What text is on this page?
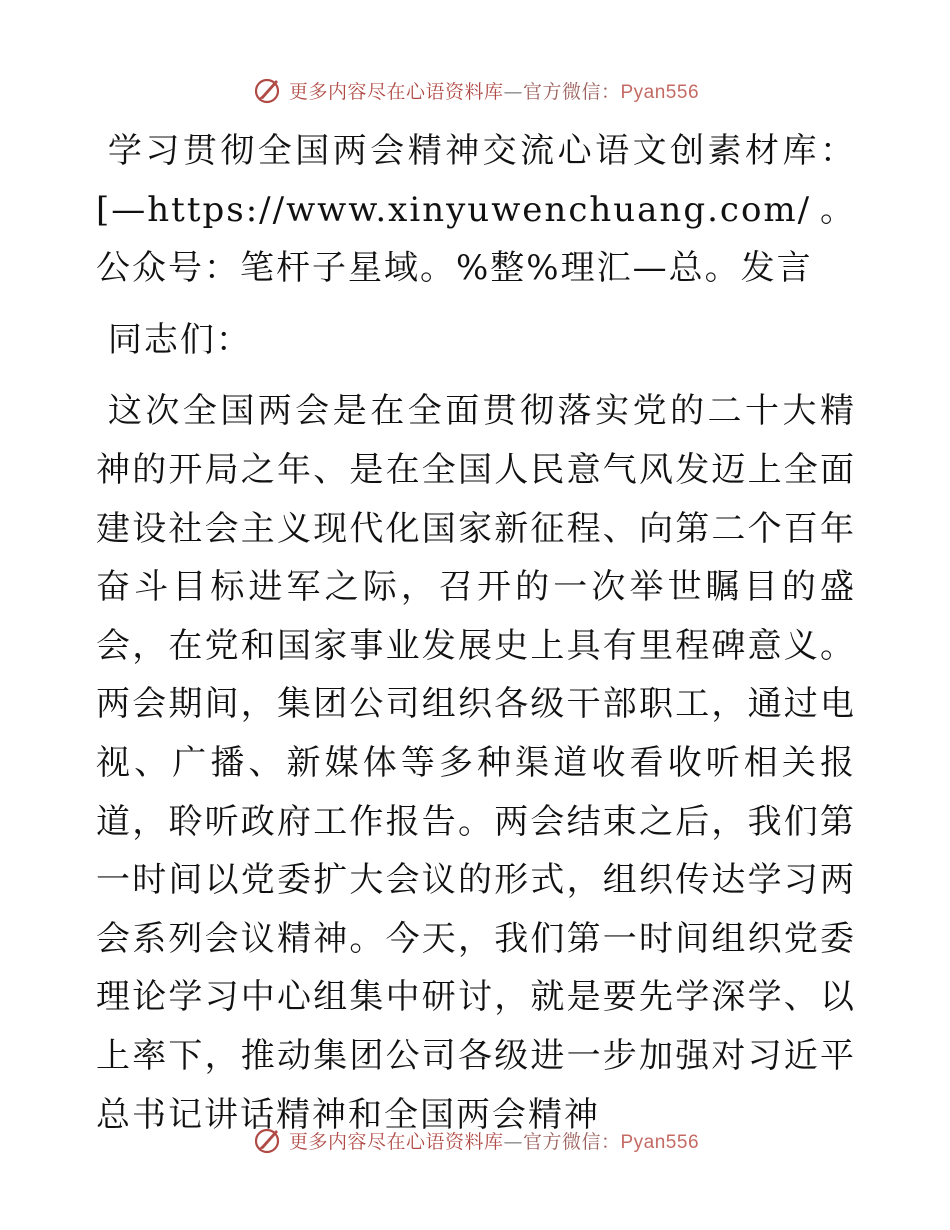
更多内容尽在心语资料库—官方微信：Pyan556

学习贯彻全国两会精神交流心语文创素材库：[—https://www.xinyuwenchuang.com/。公众号：笔杆子星域。%整%理汇—总。发言

同志们：

这次全国两会是在全面贯彻落实党的二十大精神的开局之年、是在全国人民意气风发迈上全面建设社会主义现代化国家新征程、向第二个百年奋斗目标进军之际，召开的一次举世瞩目的盛会，在党和国家事业发展史上具有里程碑意义。两会期间，集团公司组织各级干部职工，通过电视、广播、新媒体等多种渠道收看收听相关报道，聆听政府工作报告。两会结束之后，我们第一时间以党委扩大会议的形式，组织传达学习两会系列会议精神。今天，我们第一时间组织党委理论学习中心组集中研讨，就是要先学深学、以上率下，推动集团公司各级进一步加强对习近平总书记讲话精神和全国两会精神

更多内容尽在心语资料库—官方微信：Pyan556
